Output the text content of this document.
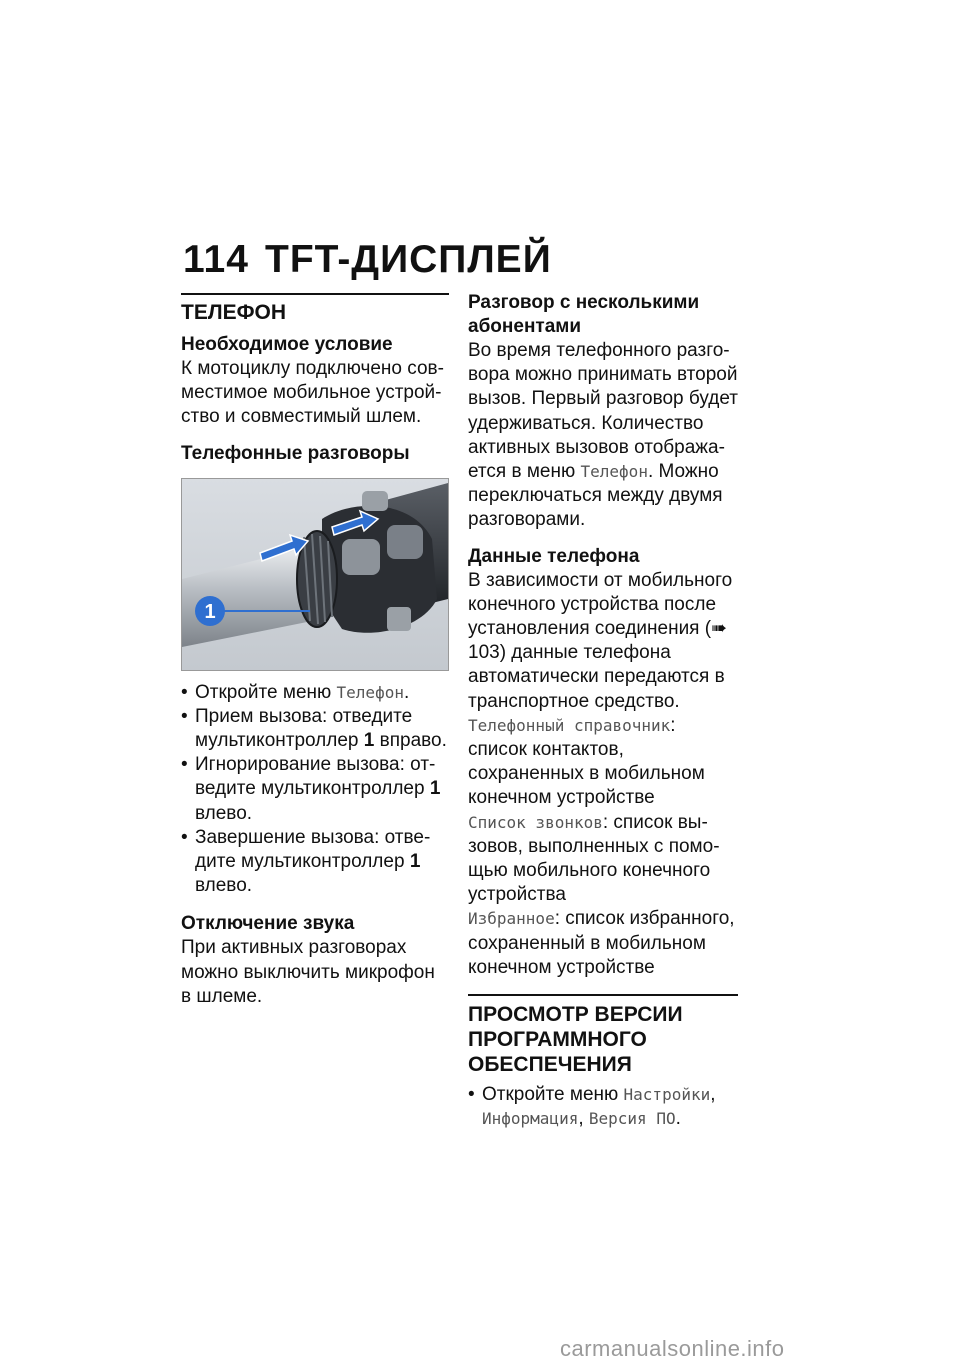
114 TFT-ДИСПЛЕЙ
ТЕЛЕФОН
Необходимое условие

К мотоциклу подключено совместимое мобильное устройство и совместимый шлем.

Телефонные разговоры
1
• Откройте меню Телефон.
• Прием вызова: отведите мультиконтроллер 1 вправо.
• Игнорирование вызова: отведите мультиконтроллер 1 влево.
• Завершение вызова: отведите мультиконтроллер 1 влево.
Отключение звука

При активных разговорах можно выключить микрофон в шлеме.

Разговор с несколькими абонентами

Во время телефонного разговора можно принимать второй вызов. Первый разговор будет удерживаться. Количество активных вызовов отображается в меню Телефон. Можно переключаться между двумя разговорами.

Данные телефона

В зависимости от мобильного конечного устройства после установления соединения (➠ 103) данные телефона автоматически передаются в транспортное средство.

Телефонный справочник: список контактов, сохраненных в мобильном конечном устройстве

Список звонков: список вызовов, выполненных с помощью мобильного конечного устройства

Избранное: список избранного, сохраненный в мобильном конечном устройстве

ПРОСМОТР ВЕРСИИ ПРОГРАММНОГО ОБЕСПЕЧЕНИЯ
• Откройте меню Настройки, Информация, Версия ПО.
carmanualsonline.info
